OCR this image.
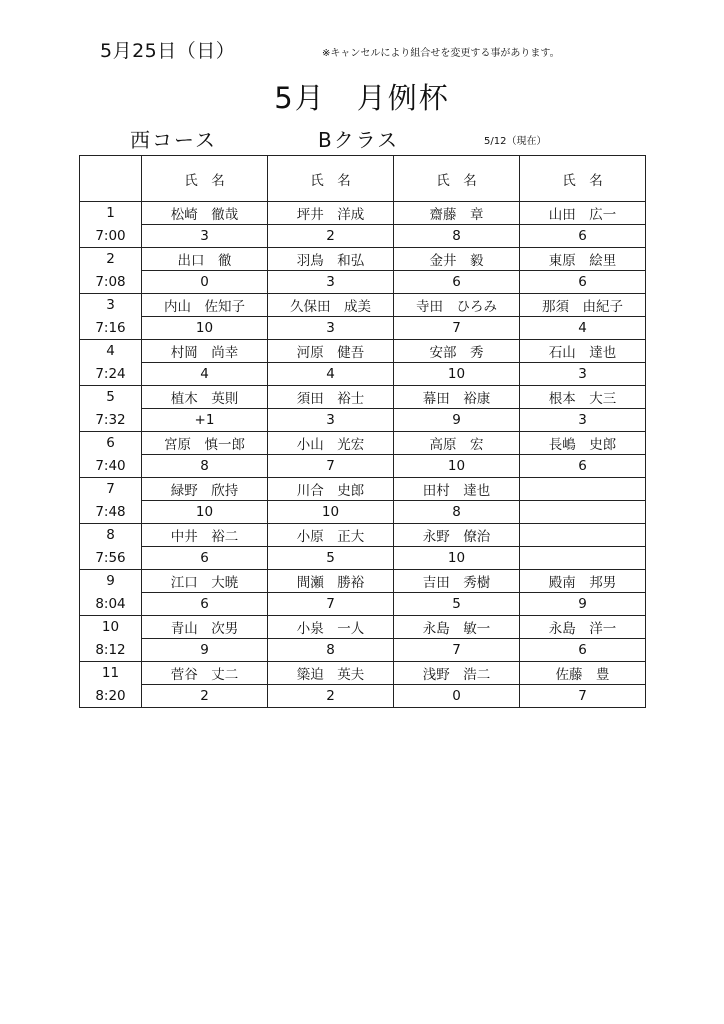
5月25日（日）	※キャンセルにより組合せを変更する事があります。
5月　月例杯
西コース	Bクラス	5/12（現在）
	氏　名	氏　名	氏　名	氏　名
1	松崎　徹哉	坪井　洋成	齋藤　章	山田　広一
7:00	3	2	8	6
2	出口　徹	羽鳥　和弘	金井　毅	東原　絵里
7:08	0	3	6	6
3	内山　佐知子	久保田　成美	寺田　ひろみ	那須　由紀子
7:16	10	3	7	4
4	村岡　尚幸	河原　健吾	安部　秀	石山　達也
7:24	4	4	10	3
5	植木　英則	須田　裕士	幕田　裕康	根本　大三
7:32	+1	3	9	3
6	宮原　慎一郎	小山　光宏	高原　宏	長嶋　史郎
7:40	8	7	10	6
7	緑野　欣持	川合　史郎	田村　達也	
7:48	10	10	8	
8	中井　裕二	小原　正大	永野　僚治	
7:56	6	5	10	
9	江口　大暁	間瀬　勝裕	吉田　秀樹	殿南　邦男
8:04	6	7	5	9
10	青山　次男	小泉　一人	永島　敏一	永島　洋一
8:12	9	8	7	6
11	菅谷　丈二	簗迫　英夫	浅野　浩二	佐藤　豊
8:20	2	2	0	7
